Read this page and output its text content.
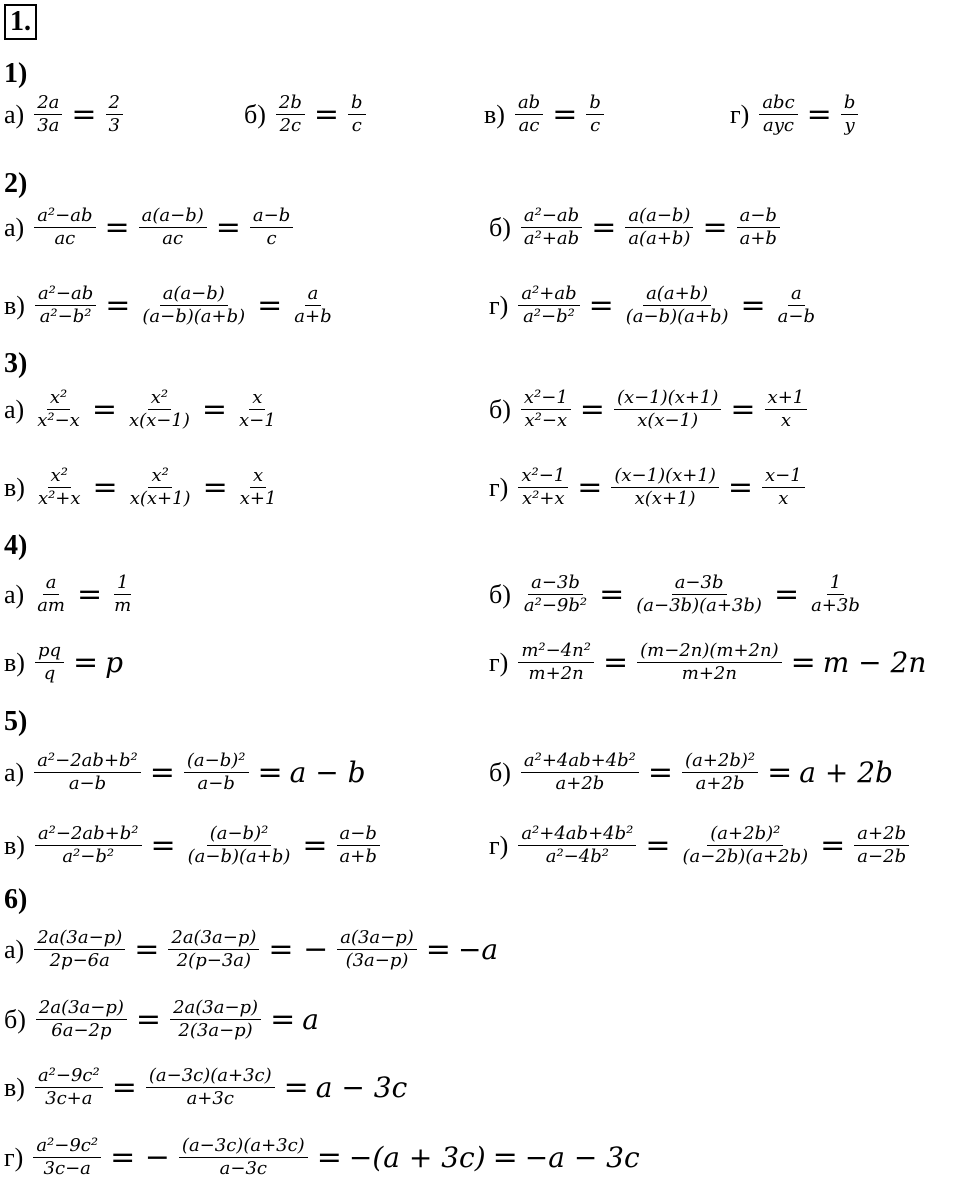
1.
1)
2)
3)
4)
5)
6)
$а) \frac{2a}{3a} = \frac{2}{3}$	$б) \frac{2b}{2c} = \frac{b}{c}$	$в) \frac{ab}{ac} = \frac{b}{c}$	$г) \frac{\text{abc}}{\text{ayc}} = \frac{b}{y}$
$а) \frac{\text{a²−ab}}{ac} = \frac{a(a-b)}{ac} = \frac{a-b}{c}$	$б) \frac{\text{a²−ab}}{\text{a²+ab}} = \frac{a(a-b)}{a(a+b)} = \frac{a-b}{a+b}$
$в) \frac{\text{a²−ab}}{\text{a²−b²}} = \frac{a(a-b)}{(a-b)(a+b)} = \frac{a}{a+b}$	$г) \frac{\text{a²+ab}}{\text{a²−b²}} = \frac{a(a+b)}{(a-b)(a+b)} = \frac{a}{a-b}$
$а) \frac{\text{x²}}{\text{x²−x}} = \frac{\text{x²}}{x(x-1)} = \frac{x}{x-1}$	$б) \frac{\text{x²−1}}{\text{x²−x}} = \frac{(x-1)(x+1)}{x(x-1)} = \frac{x+1}{x}$
$в) \frac{\text{x²}}{\text{x²+x}} = \frac{\text{x²}}{x(x+1)} = \frac{x}{x+1}$	$г) \frac{\text{x²−1}}{\text{x²+x}} = \frac{(x-1)(x+1)}{x(x+1)} = \frac{x-1}{x}$
$а) \frac{a}{am} = \frac{1}{m}$	$б) \frac{a-3b}{\text{a²−9b²}} = \frac{a-3b}{(a-3b)(a+3b)} = \frac{1}{a+3b}$
$в) \frac{pq}{q} = p$	$г) \frac{\text{m²−4n²}}{m+2n} = \frac{(m-2n)(m+2n)}{m+2n} = m - 2n$
$а) \frac{\text{a²−2ab+b²}}{a-b} = \frac{\text{(a−b)²}}{a-b} = a - b$	$б) \frac{\text{a²+4ab+4b²}}{a+2b} = \frac{\text{(a+2b)²}}{a+2b} = a + 2b$
$в) \frac{\text{a²−2ab+b²}}{\text{a²−b²}} = \frac{\text{(a−b)²}}{(a-b)(a+b)} = \frac{a-b}{a+b}$	$г) \frac{\text{a²+4ab+4b²}}{\text{a²−4b²}} = \frac{\text{(a+2b)²}}{(a-2b)(a+2b)} = \frac{a+2b}{a-2b}$
$а) \frac{2a(3a-p)}{2p-6a} = \frac{2a(3a-p)}{2(p-3a)}$ = − $\frac{a(3a-p)}{(3a-p)} = -a$
$б) \frac{2a(3a-p)}{6a-2p} = \frac{2a(3a-p)}{2(3a-p)} = a$
$в) \frac{\text{a²−9c²}}{3c+a} = \frac{(a-3c)(a+3c)}{a+3c} = a - 3c$
$г) \frac{\text{a²−9c²}}{3c-a}$ = − $\frac{(a-3c)(a+3c)}{a-3c} = -(a + 3c) = -a - 3c$
